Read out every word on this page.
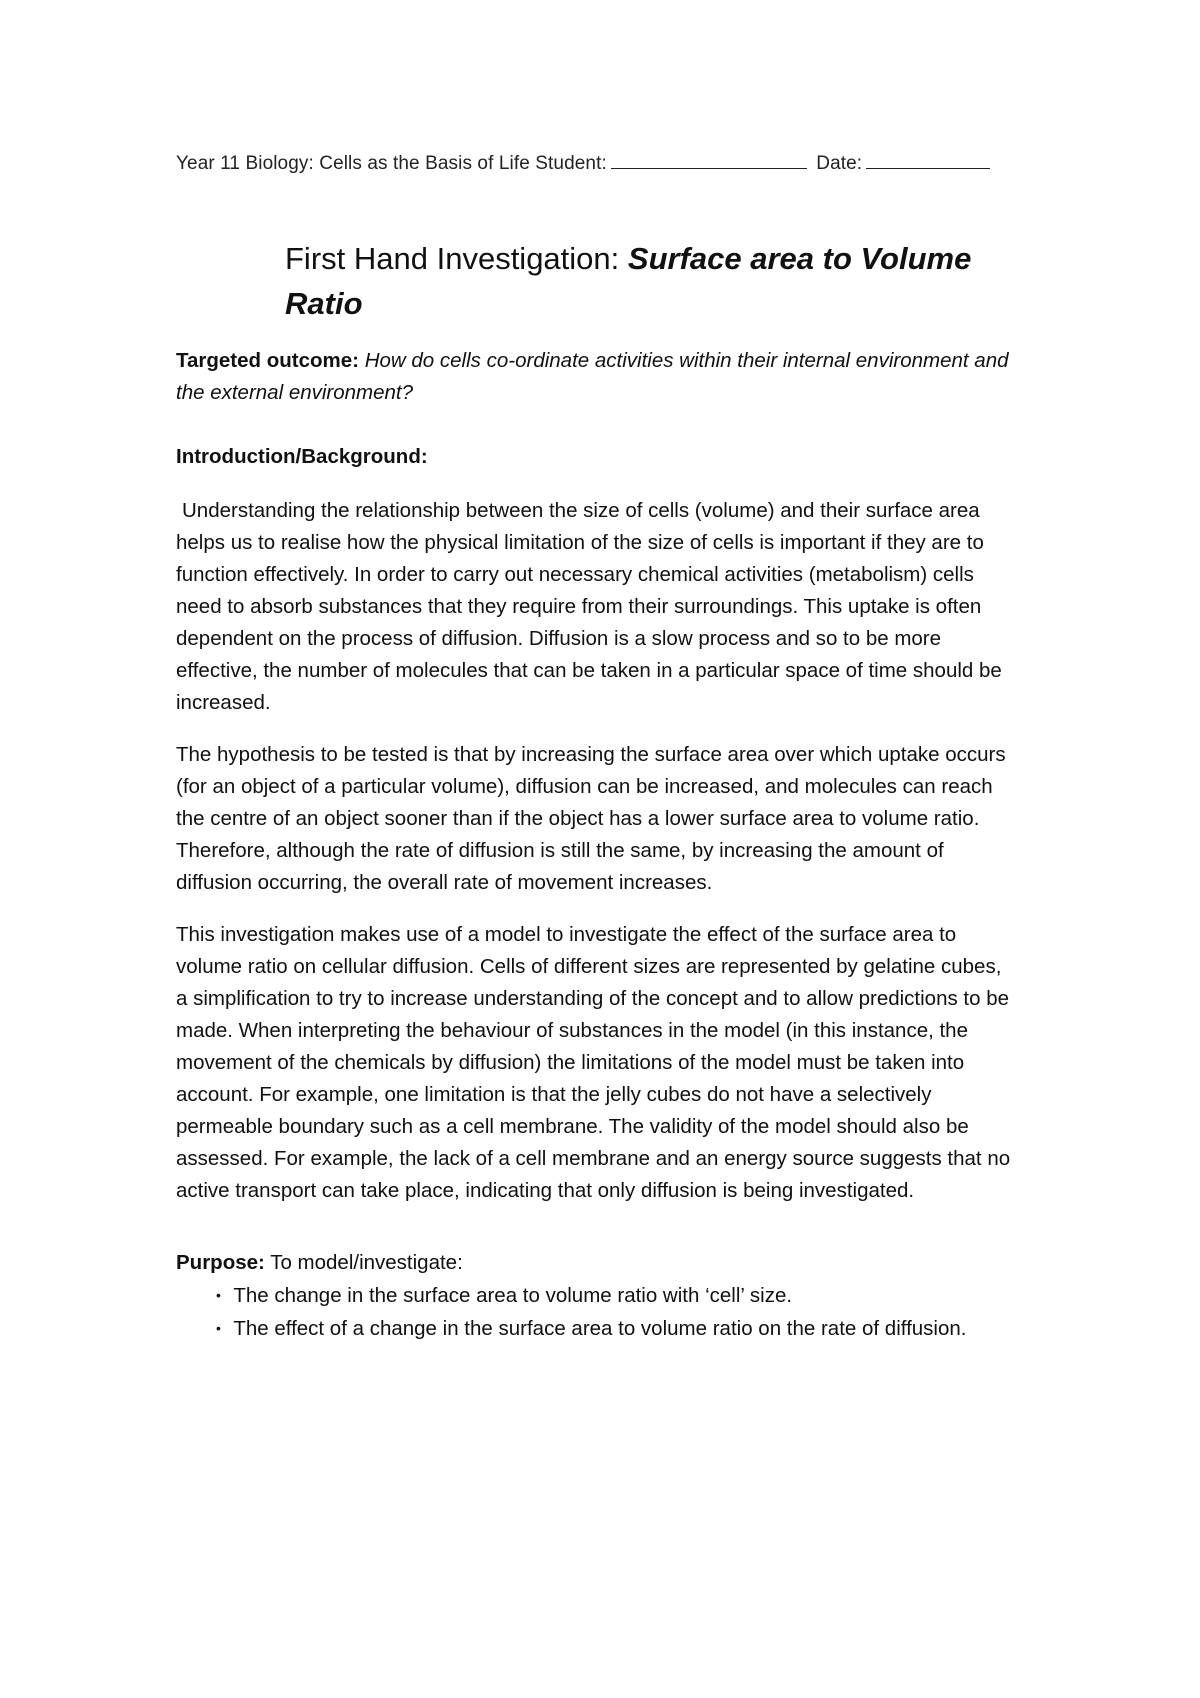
Year 11 Biology: Cells as the Basis of Life Student:	Date:
First Hand Investigation: Surface area to Volume Ratio

Targeted outcome: How do cells co-ordinate activities within their internal environment and the external environment?

Introduction/Background:

Understanding the relationship between the size of cells (volume) and their surface area helps us to realise how the physical limitation of the size of cells is important if they are to function effectively. In order to carry out necessary chemical activities (metabolism) cells need to absorb substances that they require from their surroundings. This uptake is often dependent on the process of diffusion. Diffusion is a slow process and so to be more effective, the number of molecules that can be taken in a particular space of time should be increased.

The hypothesis to be tested is that by increasing the surface area over which uptake occurs (for an object of a particular volume), diffusion can be increased, and molecules can reach the centre of an object sooner than if the object has a lower surface area to volume ratio. Therefore, although the rate of diffusion is still the same, by increasing the amount of diffusion occurring, the overall rate of movement increases.

This investigation makes use of a model to investigate the effect of the surface area to volume ratio on cellular diffusion. Cells of different sizes are represented by gelatine cubes, a simplification to try to increase understanding of the concept and to allow predictions to be made. When interpreting the behaviour of substances in the model (in this instance, the movement of the chemicals by diffusion) the limitations of the model must be taken into account. For example, one limitation is that the jelly cubes do not have a selectively permeable boundary such as a cell membrane. The validity of the model should also be assessed. For example, the lack of a cell membrane and an energy source suggests that no active transport can take place, indicating that only diffusion is being investigated.

Purpose: To model/investigate:

• The change in the surface area to volume ratio with ‘cell’ size.
• The effect of a change in the surface area to volume ratio on the rate of diffusion.
